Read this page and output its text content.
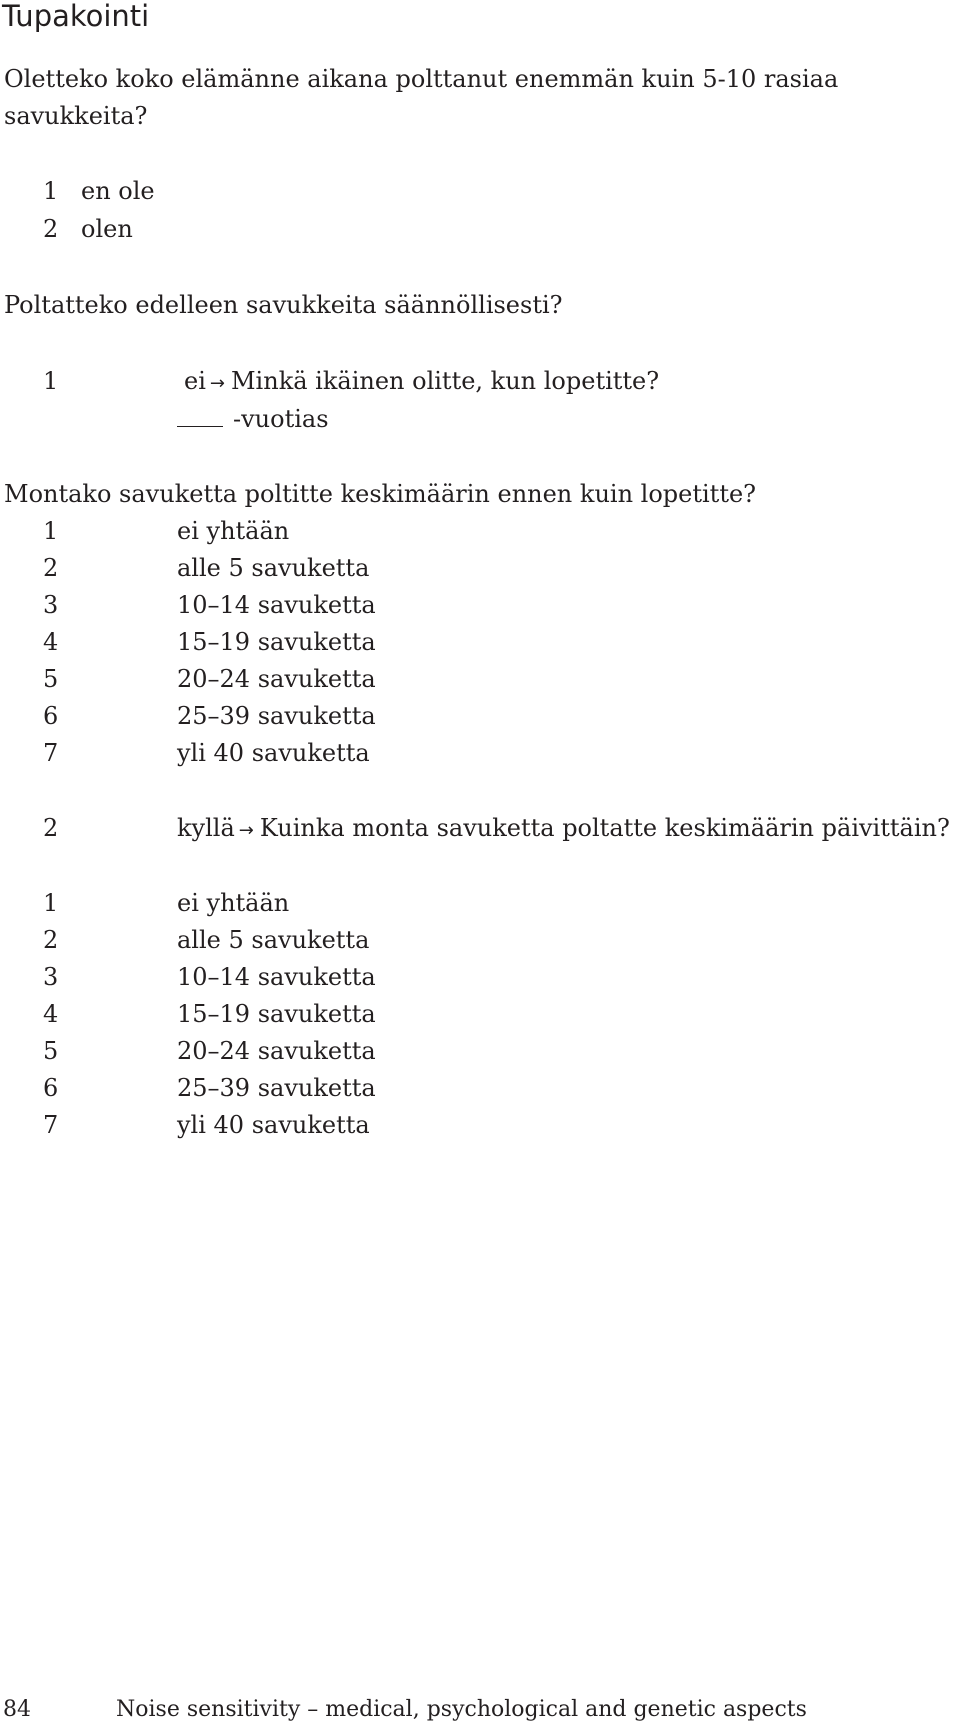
Tupakointi
Oletteko koko elämänne aikana polttanut enemmän kuin 5-10 rasiaa
savukkeita?
1 en ole
2 olen
Poltatteko edelleen savukkeita säännöllisesti?
1	ei → Minkä ikäinen olitte, kun lopetitte?
-vuotias
Montako savuketta poltitte keskimäärin ennen kuin lopetitte?
1	ei yhtään
2	alle 5 savuketta
3	10–14 savuketta
4	15–19 savuketta
5	20–24 savuketta
6	25–39 savuketta
7	yli 40 savuketta
2	kyllä → Kuinka monta savuketta poltatte keskimäärin päivittäin?
1	ei yhtään
2	alle 5 savuketta
3	10–14 savuketta
4	15–19 savuketta
5	20–24 savuketta
6	25–39 savuketta
7	yli 40 savuketta
84	Noise sensitivity – medical, psychological and genetic aspects
